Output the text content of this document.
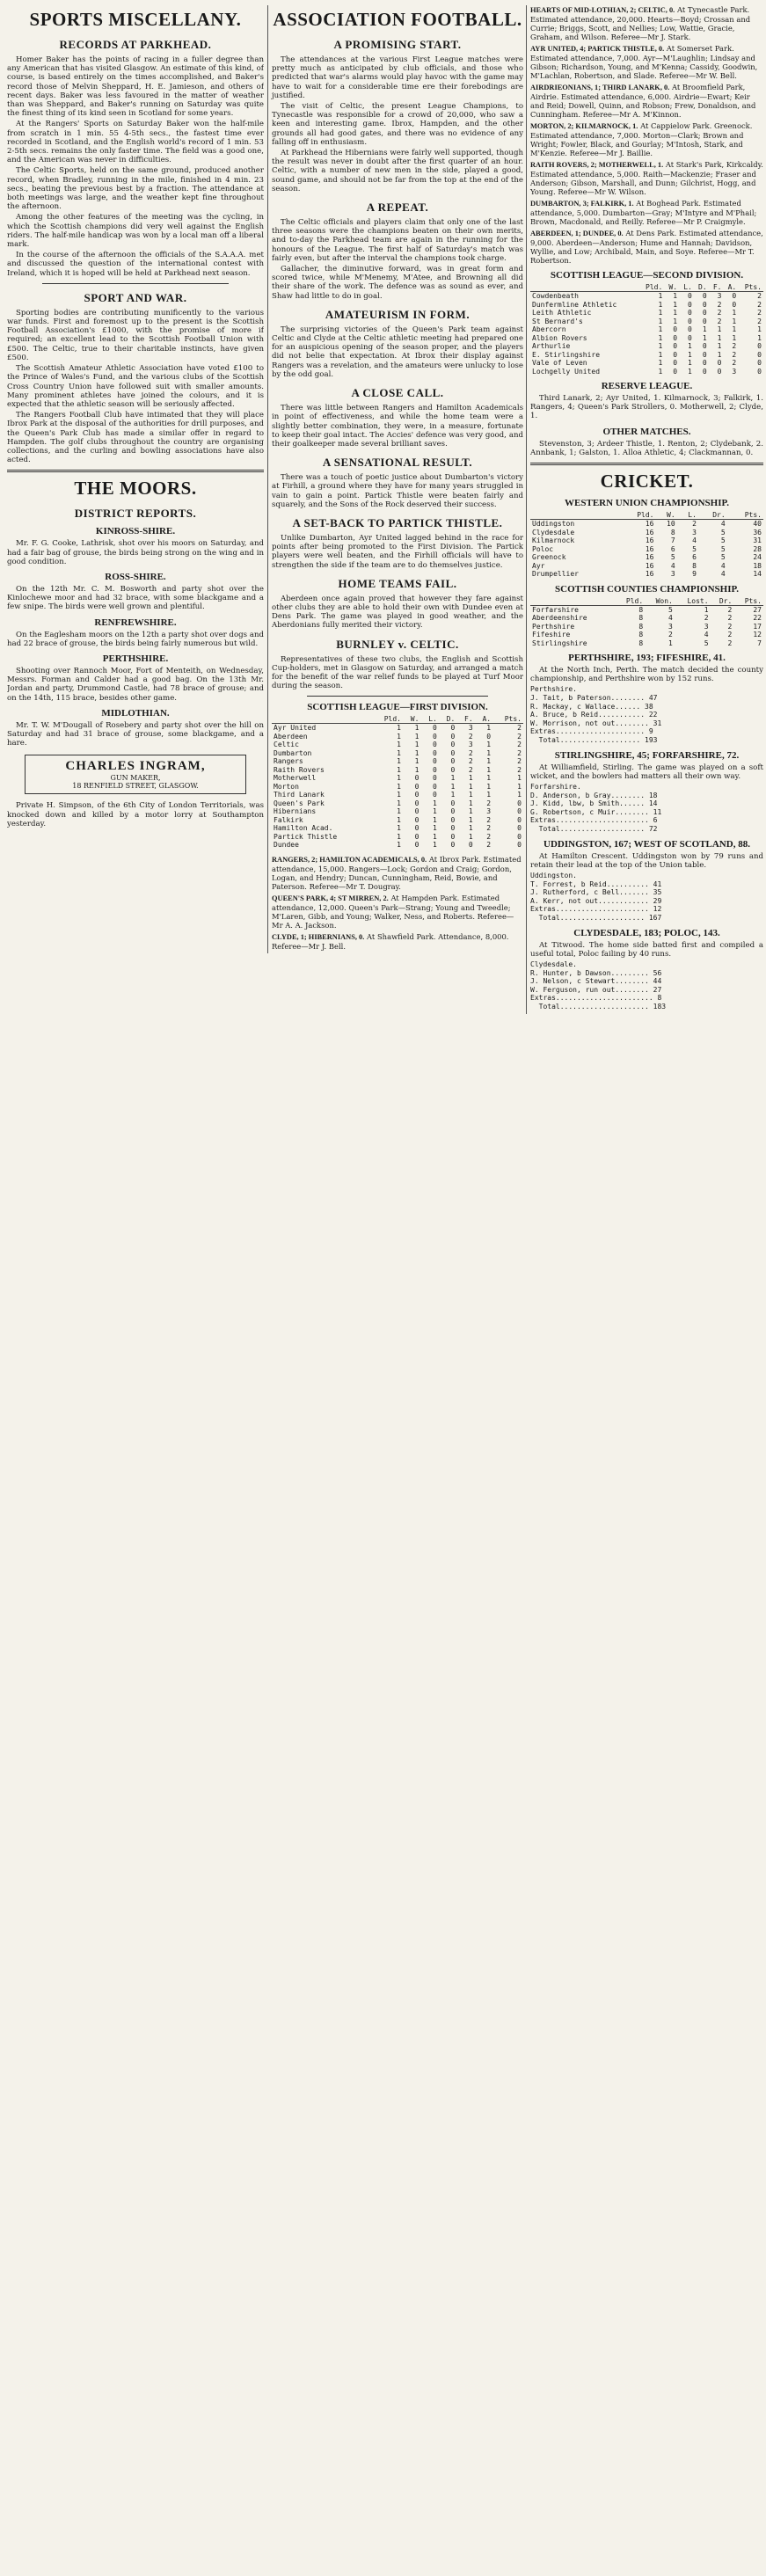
SPORTS MISCELLANY.
RECORDS AT PARKHEAD.

Homer Baker has the points of racing in a fuller degree than any American that has visited Glasgow. An estimate of this kind, of course, is based entirely on the times accomplished, and Baker's record those of Melvin Sheppard, H. E. Jamieson, and others of recent days. Baker was less favoured in the matter of weather than was Sheppard, and Baker's running on Saturday was quite the finest thing of its kind seen in Scotland for some years.

At the Rangers' Sports on Saturday Baker won the half-mile from scratch in 1 min. 55 4-5th secs., the fastest time ever recorded in Scotland, and the English world's record of 1 min. 53 2-5th secs. remains the only faster time. The field was a good one, and the American was never in difficulties.

The Celtic Sports, held on the same ground, produced another record, when Bradley, running in the mile, finished in 4 min. 23 secs., beating the previous best by a fraction. The attendance at both meetings was large, and the weather kept fine throughout the afternoon.

Among the other features of the meeting was the cycling, in which the Scottish champions did very well against the English riders. The half-mile handicap was won by a local man off a liberal mark.

In the course of the afternoon the officials of the S.A.A.A. met and discussed the question of the international contest with Ireland, which it is hoped will be held at Parkhead next season.

SPORT AND WAR.

Sporting bodies are contributing munificently to the various war funds. First and foremost up to the present is the Scottish Football Association's £1000, with the promise of more if required; an excellent lead to the Scottish Football Union with £500. The Celtic, true to their charitable instincts, have given £500.

The Scottish Amateur Athletic Association have voted £100 to the Prince of Wales's Fund, and the various clubs of the Scottish Cross Country Union have followed suit with smaller amounts. Many prominent athletes have joined the colours, and it is expected that the athletic season will be seriously affected.

The Rangers Football Club have intimated that they will place Ibrox Park at the disposal of the authorities for drill purposes, and the Queen's Park Club has made a similar offer in regard to Hampden. The golf clubs throughout the country are organising collections, and the curling and bowling associations have also acted.

THE MOORS.
DISTRICT REPORTS.
KINROSS-SHIRE.

Mr. F. G. Cooke, Lathrisk, shot over his moors on Saturday, and had a fair bag of grouse, the birds being strong on the wing and in good condition.

ROSS-SHIRE.

On the 12th Mr. C. M. Bosworth and party shot over the Kinlochewe moor and had 32 brace, with some blackgame and a few snipe. The birds were well grown and plentiful.

RENFREWSHIRE.

On the Eaglesham moors on the 12th a party shot over dogs and had 22 brace of grouse, the birds being fairly numerous but wild.

PERTHSHIRE.

Shooting over Rannoch Moor, Fort of Menteith, on Wednesday, Messrs. Forman and Calder had a good bag. On the 13th Mr. Jordan and party, Drummond Castle, had 78 brace of grouse; and on the 14th, 115 brace, besides other game.

MIDLOTHIAN.

Mr. T. W. M'Dougall of Rosebery and party shot over the hill on Saturday and had 31 brace of grouse, some blackgame, and a hare.

CHARLES INGRAM,
GUN MAKER,
18 RENFIELD STREET, GLASGOW.

Private H. Simpson, of the 6th City of London Territorials, was knocked down and killed by a motor lorry at Southampton yesterday.

ASSOCIATION FOOTBALL.
A PROMISING START.

The attendances at the various First League matches were pretty much as anticipated by club officials, and those who predicted that war's alarms would play havoc with the game may have to wait for a considerable time ere their forebodings are justified.

The visit of Celtic, the present League Champions, to Tynecastle was responsible for a crowd of 20,000, who saw a keen and interesting game. Ibrox, Hampden, and the other grounds all had good gates, and there was no evidence of any falling off in enthusiasm.

At Parkhead the Hibernians were fairly well supported, though the result was never in doubt after the first quarter of an hour. Celtic, with a number of new men in the side, played a good, sound game, and should not be far from the top at the end of the season.

A REPEAT.

The Celtic officials and players claim that only one of the last three seasons were the champions beaten on their own merits, and to-day the Parkhead team are again in the running for the honours of the League. The first half of Saturday's match was fairly even, but after the interval the champions took charge.

Gallacher, the diminutive forward, was in great form and scored twice, while M'Menemy, M'Atee, and Browning all did their share of the work. The defence was as sound as ever, and Shaw had little to do in goal.

AMATEURISM IN FORM.

The surprising victories of the Queen's Park team against Celtic and Clyde at the Celtic athletic meeting had prepared one for an auspicious opening of the season proper, and the players did not belie that expectation. At Ibrox their display against Rangers was a revelation, and the amateurs were unlucky to lose by the odd goal.

A CLOSE CALL.

There was little between Rangers and Hamilton Academicals in point of effectiveness, and while the home team were a slightly better combination, they were, in a measure, fortunate to keep their goal intact. The Accies' defence was very good, and their goalkeeper made several brilliant saves.

A SENSATIONAL RESULT.

There was a touch of poetic justice about Dumbarton's victory at Firhill, a ground where they have for many years struggled in vain to gain a point. Partick Thistle were beaten fairly and squarely, and the Sons of the Rock deserved their success.

A SET-BACK TO PARTICK THISTLE.

Unlike Dumbarton, Ayr United lagged behind in the race for points after being promoted to the First Division. The Partick players were well beaten, and the Firhill officials will have to strengthen the side if the team are to do themselves justice.

HOME TEAMS FAIL.

Aberdeen once again proved that however they fare against other clubs they are able to hold their own with Dundee even at Dens Park. The game was played in good weather, and the Aberdonians fully merited their victory.

BURNLEY v. CELTIC.

Representatives of these two clubs, the English and Scottish Cup-holders, met in Glasgow on Saturday, and arranged a match for the benefit of the war relief funds to be played at Turf Moor during the season.

SCOTTISH LEAGUE—FIRST DIVISION.
	Pld.	W.	L.	D.	F.	A.	Pts.
Ayr United	1	1	0	0	3	1	2
Aberdeen	1	1	0	0	2	0	2
Celtic	1	1	0	0	3	1	2
Dumbarton	1	1	0	0	2	1	2
Rangers	1	1	0	0	2	1	2
Raith Rovers	1	1	0	0	2	1	2
Motherwell	1	0	0	1	1	1	1
Morton	1	0	0	1	1	1	1
Third Lanark	1	0	0	1	1	1	1
Queen's Park	1	0	1	0	1	2	0
Hibernians	1	0	1	0	1	3	0
Falkirk	1	0	1	0	1	2	0
Hamilton Acad.	1	0	1	0	1	2	0
Partick Thistle	1	0	1	0	1	2	0
Dundee	1	0	1	0	0	2	0
RANGERS, 2; HAMILTON ACADEMICALS, 0. At Ibrox Park. Estimated attendance, 15,000. Rangers—Lock; Gordon and Craig; Gordon, Logan, and Hendry; Duncan, Cunningham, Reid, Bowie, and Paterson. Referee—Mr T. Dougray.
QUEEN'S PARK, 4; ST MIRREN, 2. At Hampden Park. Estimated attendance, 12,000. Queen's Park—Strang; Young and Tweedle; M'Laren, Gibb, and Young; Walker, Ness, and Roberts. Referee—Mr A. A. Jackson.
CLYDE, 1; HIBERNIANS, 0. At Shawfield Park. Attendance, 8,000. Referee—Mr J. Bell.
HEARTS OF MID-LOTHIAN, 2; CELTIC, 0. At Tynecastle Park. Estimated attendance, 20,000. Hearts—Boyd; Crossan and Currie; Briggs, Scott, and Nellies; Low, Wattie, Gracie, Graham, and Wilson. Referee—Mr J. Stark.
AYR UNITED, 4; PARTICK THISTLE, 0. At Somerset Park. Estimated attendance, 7,000. Ayr—M'Laughlin; Lindsay and Gibson; Richardson, Young, and M'Kenna; Cassidy, Goodwin, M'Lachlan, Robertson, and Slade. Referee—Mr W. Bell.
AIRDRIEONIANS, 1; THIRD LANARK, 0. At Broomfield Park, Airdrie. Estimated attendance, 6,000. Airdrie—Ewart; Keir and Reid; Dowell, Quinn, and Robson; Frew, Donaldson, and Cunningham. Referee—Mr A. M'Kinnon.
MORTON, 2; KILMARNOCK, 1. At Cappielow Park. Greenock. Estimated attendance, 7,000. Morton—Clark; Brown and Wright; Fowler, Black, and Gourlay; M'Intosh, Stark, and M'Kenzie. Referee—Mr J. Baillie.
RAITH ROVERS, 2; MOTHERWELL, 1. At Stark's Park, Kirkcaldy. Estimated attendance, 5,000. Raith—Mackenzie; Fraser and Anderson; Gibson, Marshall, and Dunn; Gilchrist, Hogg, and Young. Referee—Mr W. Wilson.
DUMBARTON, 3; FALKIRK, 1. At Boghead Park. Estimated attendance, 5,000. Dumbarton—Gray; M'Intyre and M'Phail; Brown, Macdonald, and Reilly. Referee—Mr P. Craigmyle.
ABERDEEN, 1; DUNDEE, 0. At Dens Park. Estimated attendance, 9,000. Aberdeen—Anderson; Hume and Hannah; Davidson, Wyllie, and Low; Archibald, Main, and Soye. Referee—Mr T. Robertson.
SCOTTISH LEAGUE—SECOND DIVISION.
	Pld.	W.	L.	D.	F.	A.	Pts.
Cowdenbeath	1	1	0	0	3	0	2
Dunfermline Athletic	1	1	0	0	2	0	2
Leith Athletic	1	1	0	0	2	1	2
St Bernard's	1	1	0	0	2	1	2
Abercorn	1	0	0	1	1	1	1
Albion Rovers	1	0	0	1	1	1	1
Arthurlie	1	0	1	0	1	2	0
E. Stirlingshire	1	0	1	0	1	2	0
Vale of Leven	1	0	1	0	0	2	0
Lochgelly United	1	0	1	0	0	3	0
RESERVE LEAGUE.

Third Lanark, 2; Ayr United, 1. Kilmarnock, 3; Falkirk, 1. Rangers, 4; Queen's Park Strollers, 0. Motherwell, 2; Clyde, 1.

OTHER MATCHES.

Stevenston, 3; Ardeer Thistle, 1. Renton, 2; Clydebank, 2. Annbank, 1; Galston, 1. Alloa Athletic, 4; Clackmannan, 0.

CRICKET.
WESTERN UNION CHAMPIONSHIP.
	Pld.	W.	L.	Dr.	Pts.
Uddingston	16	10	2	4	40
Clydesdale	16	8	3	5	36
Kilmarnock	16	7	4	5	31
Poloc	16	6	5	5	28
Greenock	16	5	6	5	24
Ayr	16	4	8	4	18
Drumpellier	16	3	9	4	14
SCOTTISH COUNTIES CHAMPIONSHIP.
	Pld.	Won.	Lost.	Dr.	Pts.
Forfarshire	8	5	1	2	27
Aberdeenshire	8	4	2	2	22
Perthshire	8	3	3	2	17
Fifeshire	8	2	4	2	12
Stirlingshire	8	1	5	2	7
PERTHSHIRE, 193; FIFESHIRE, 41.

At the North Inch, Perth. The match decided the county championship, and Perthshire won by 152 runs.

Perthshire.
J. Tait, b Paterson........ 47
R. Mackay, c Wallace...... 38
A. Bruce, b Reid........... 22
W. Morrison, not out........ 31
Extras..................... 9
Total................... 193
STIRLINGSHIRE, 45; FORFARSHIRE, 72.

At Williamfield, Stirling. The game was played on a soft wicket, and the bowlers had matters all their own way.

Forfarshire.
D. Anderson, b Gray........ 18
J. Kidd, lbw, b Smith...... 14
G. Robertson, c Muir........ 11
Extras...................... 6
Total.................... 72
UDDINGSTON, 167; WEST OF SCOTLAND, 88.

At Hamilton Crescent. Uddingston won by 79 runs and retain their lead at the top of the Union table.

Uddingston.
T. Forrest, b Reid.......... 41
J. Rutherford, c Bell....... 35
A. Kerr, not out............ 29
Extras...................... 12
Total.................... 167
CLYDESDALE, 183; POLOC, 143.

At Titwood. The home side batted first and compiled a useful total, Poloc failing by 40 runs.

Clydesdale.
R. Hunter, b Dawson......... 56
J. Nelson, c Stewart........ 44
W. Ferguson, run out........ 27
Extras....................... 8
Total..................... 183
